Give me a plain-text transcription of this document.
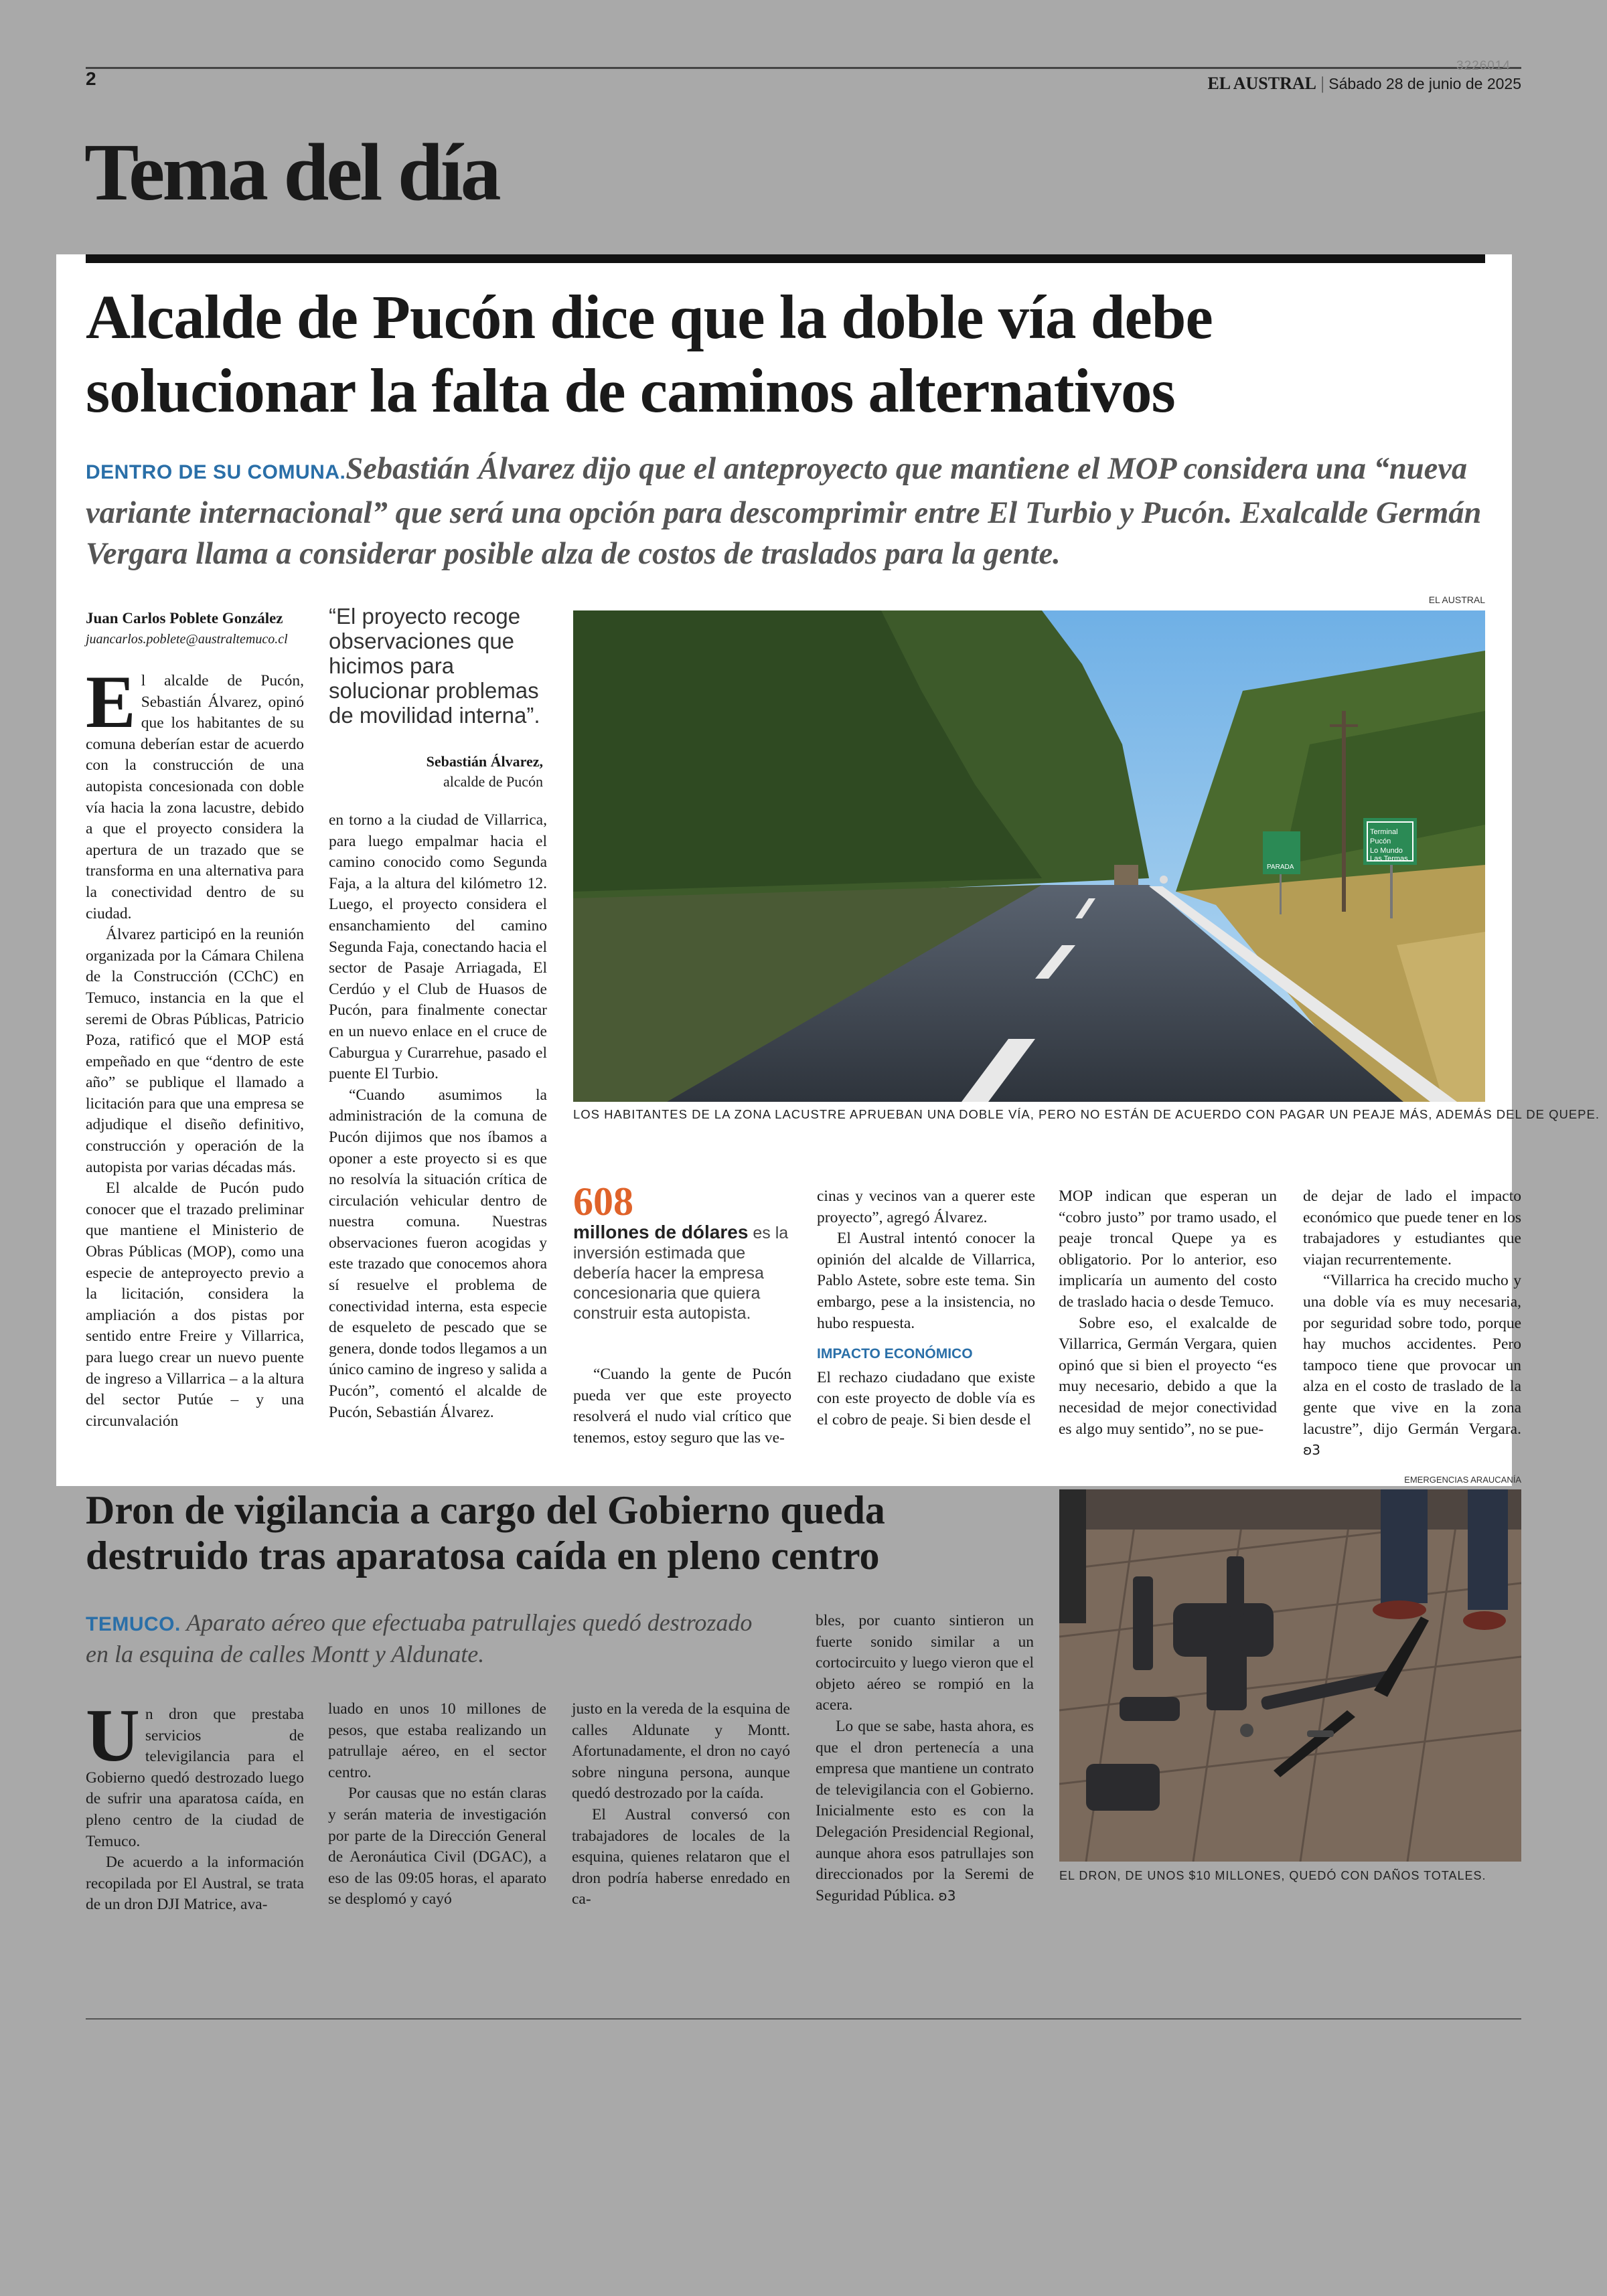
2
3226014
EL AUSTRAL | Sábado 28 de junio de 2025
Tema del día
Alcalde de Pucón dice que la doble vía debe solucionar la falta de caminos alternativos
DENTRO DE SU COMUNA.Sebastián Álvarez dijo que el anteproyecto que mantiene el MOP considera una “nueva variante internacional” que será una opción para descomprimir entre El Turbio y Pucón. Exalcalde Germán Vergara llama a considerar posible alza de costos de traslados para la gente.
Juan Carlos Poblete González
juancarlos.poblete@australtemuco.cl
“El proyecto recoge observaciones que hicimos para solucionar problemas de movilidad interna”.
Sebastián Álvarez,
alcalde de Pucón
EL AUSTRAL
Terminal
Pucón
Lo Mundo
Las Termas
PARADA
LOS HABITANTES DE LA ZONA LACUSTRE APRUEBAN UNA DOBLE VÍA, PERO NO ESTÁN DE ACUERDO CON PAGAR UN PEAJE MÁS, ADEMÁS DEL DE QUEPE.

El alcalde de Pucón, Sebastián Álvarez, opinó que los habitantes de su comuna deberían estar de acuerdo con la construcción de una autopista concesionada con doble vía hacia la zona lacustre, debido a que el proyecto considera la apertura de un trazado que se transforma en una alternativa para la conectividad dentro de su ciudad.

Álvarez participó en la reunión organizada por la Cámara Chilena de la Construcción (CChC) en Temuco, instancia en la que el seremi de Obras Públicas, Patricio Poza, ratificó que el MOP está empeñado en que “dentro de este año” se publique el llamado a licitación para que una empresa se adjudique el diseño definitivo, construcción y operación de la autopista por varias décadas más.

El alcalde de Pucón pudo conocer que el trazado preliminar que mantiene el Ministerio de Obras Públicas (MOP), como una especie de anteproyecto previo a la licitación, considera la ampliación a dos pistas por sentido entre Freire y Villarrica, para luego crear un nuevo puente de ingreso a Villarrica – a la altura del sector Putúe – y una circunvalación

en torno a la ciudad de Villarrica, para luego empalmar hacia el camino conocido como Segunda Faja, a la altura del kilómetro 12. Luego, el proyecto considera el ensanchamiento del camino Segunda Faja, conectando hacia el sector de Pasaje Arriagada, El Cerdúo y el Club de Huasos de Pucón, para finalmente conectar en un nuevo enlace en el cruce de Caburgua y Curarrehue, pasado el puente El Turbio.

“Cuando asumimos la administración de la comuna de Pucón dijimos que nos íbamos a oponer a este proyecto si es que no resolvía la situación crítica de circulación vehicular dentro de nuestra comuna. Nuestras observaciones fueron acogidas y este trazado que conocemos ahora sí resuelve el problema de conectividad interna, esta especie de esqueleto de pescado que se genera, donde todos llegamos a un único camino de ingreso y salida a Pucón”, comentó el alcalde de Pucón, Sebastián Álvarez.

608
millones de dólares es la inversión estimada que debería hacer la empresa concesionaria que quiera construir esta autopista.

“Cuando la gente de Pucón pueda ver que este proyecto resolverá el nudo vial crítico que tenemos, estoy seguro que las ve-

cinas y vecinos van a querer este proyecto”, agregó Álvarez.

El Austral intentó conocer la opinión del alcalde de Villarrica, Pablo Astete, sobre este tema. Sin embargo, pese a la insistencia, no hubo respuesta.

IMPACTO ECONÓMICO

El rechazo ciudadano que existe con este proyecto de doble vía es el cobro de peaje. Si bien desde el

MOP indican que esperan un “cobro justo” por tramo usado, el peaje troncal Quepe ya es obligatorio. Por lo anterior, eso implicaría un aumento del costo de traslado hacia o desde Temuco.

Sobre eso, el exalcalde de Villarrica, Germán Vergara, quien opinó que si bien el proyecto “es muy necesario, debido a que la necesidad de mejor conectividad es algo muy sentido”, no se pue-

de dejar de lado el impacto económico que puede tener en los trabajadores y estudiantes que viajan recurrentemente.

“Villarrica ha crecido mucho y una doble vía es muy necesaria, por seguridad sobre todo, porque hay muchos accidentes. Pero tampoco tiene que provocar un alza en el costo de traslado de la gente que vive en la zona lacustre”, dijo Germán Vergara. ʚ3

Dron de vigilancia a cargo del Gobierno queda destruido tras aparatosa caída en pleno centro
TEMUCO. Aparato aéreo que efectuaba patrullajes quedó destrozado en la esquina de calles Montt y Aldunate.

Un dron que prestaba servicios de televigilancia para el Gobierno quedó destrozado luego de sufrir una aparatosa caída, en pleno centro de la ciudad de Temuco.

De acuerdo a la información recopilada por El Austral, se trata de un dron DJI Matrice, ava-

luado en unos 10 millones de pesos, que estaba realizando un patrullaje aéreo, en el sector centro.

Por causas que no están claras y serán materia de investigación por parte de la Dirección General de Aeronáutica Civil (DGAC), a eso de las 09:05 horas, el aparato se desplomó y cayó

justo en la vereda de la esquina de calles Aldunate y Montt. Afortunadamente, el dron no cayó sobre ninguna persona, aunque quedó destrozado por la caída.

El Austral conversó con trabajadores de locales de la esquina, quienes relataron que el dron podría haberse enredado en ca-

bles, por cuanto sintieron un fuerte sonido similar a un cortocircuito y luego vieron que el objeto aéreo se rompió en la acera.

Lo que se sabe, hasta ahora, es que el dron pertenecía a una empresa que mantiene un contrato de televigilancia con el Gobierno. Inicialmente esto es con la Delegación Presidencial Regional, aunque ahora esos patrullajes son direccionados por la Seremi de Seguridad Pública. ʚ3

EMERGENCIAS ARAUCANÍA
EL DRON, DE UNOS $10 MILLONES, QUEDÓ CON DAÑOS TOTALES.
